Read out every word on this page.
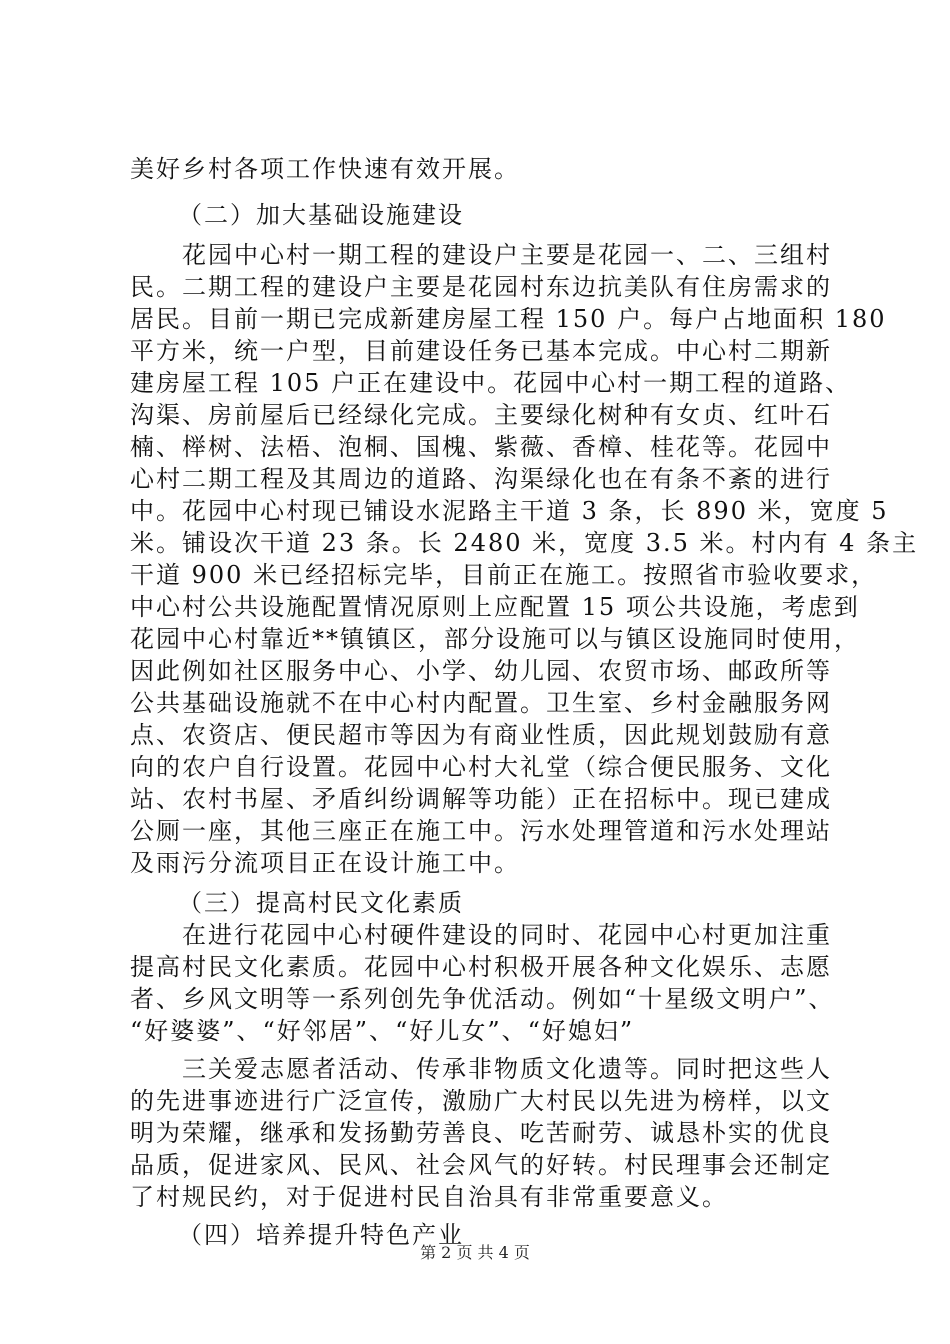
美好乡村各项工作快速有效开展。
（二）加大基础设施建设
花园中心村一期工程的建设户主要是花园一、二、三组村
民。二期工程的建设户主要是花园村东边抗美队有住房需求的
居民。目前一期已完成新建房屋工程 150 户。每户占地面积 180
平方米，统一户型，目前建设任务已基本完成。中心村二期新
建房屋工程 105 户正在建设中。花园中心村一期工程的道路、
沟渠、房前屋后已经绿化完成。主要绿化树种有女贞、红叶石
楠、榉树、法梧、泡桐、国槐、紫薇、香樟、桂花等。花园中
心村二期工程及其周边的道路、沟渠绿化也在有条不紊的进行
中。花园中心村现已铺设水泥路主干道 3 条，长 890 米，宽度 5
米。铺设次干道 23 条。长 2480 米，宽度 3.5 米。村内有 4 条主
干道 900 米已经招标完毕，目前正在施工。按照省市验收要求，
中心村公共设施配置情况原则上应配置 15 项公共设施，考虑到
花园中心村靠近**镇镇区，部分设施可以与镇区设施同时使用，
因此例如社区服务中心、小学、幼儿园、农贸市场、邮政所等
公共基础设施就不在中心村内配置。卫生室、乡村金融服务网
点、农资店、便民超市等因为有商业性质，因此规划鼓励有意
向的农户自行设置。花园中心村大礼堂（综合便民服务、文化
站、农村书屋、矛盾纠纷调解等功能）正在招标中。现已建成
公厕一座，其他三座正在施工中。污水处理管道和污水处理站
及雨污分流项目正在设计施工中。
（三）提高村民文化素质
在进行花园中心村硬件建设的同时、花园中心村更加注重
提高村民文化素质。花园中心村积极开展各种文化娱乐、志愿
者、乡风文明等一系列创先争优活动。例如“十星级文明户”、
“好婆婆”、“好邻居”、“好儿女”、“好媳妇”
三关爱志愿者活动、传承非物质文化遗等。同时把这些人
的先进事迹进行广泛宣传，激励广大村民以先进为榜样，以文
明为荣耀，继承和发扬勤劳善良、吃苦耐劳、诚恳朴实的优良
品质，促进家风、民风、社会风气的好转。村民理事会还制定
了村规民约，对于促进村民自治具有非常重要意义。
（四）培养提升特色产业
第 2 页 共 4 页
